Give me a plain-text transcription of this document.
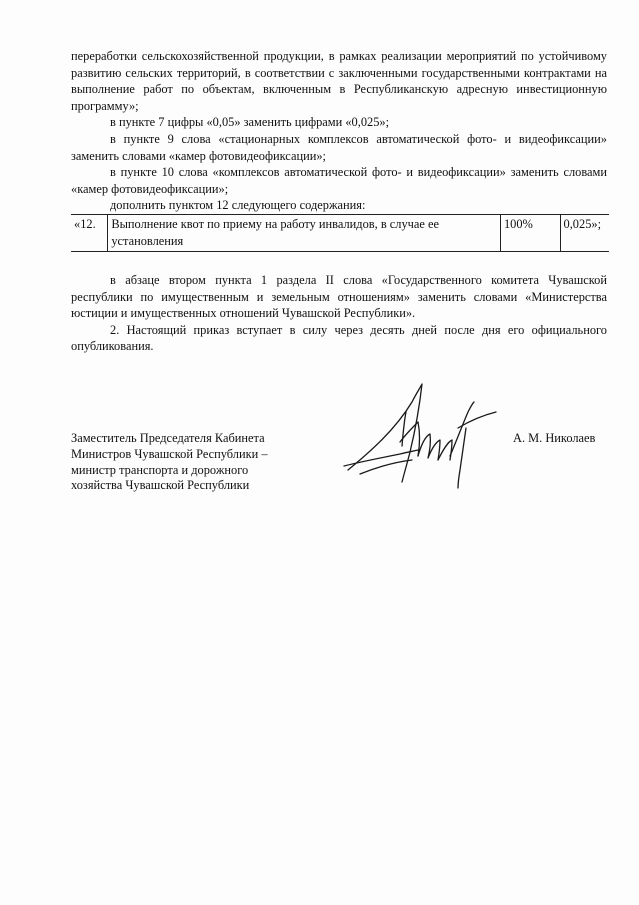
переработки сельскохозяйственной продукции, в рамках реализации мероприятий по устойчивому развитию сельских территорий, в соответствии с заключенными государственными контрактами на выполнение работ по объектам, включенным в Республиканскую адресную инвестиционную программу»;

в пункте 7 цифры «0,05» заменить цифрами «0,025»;

в пункте 9 слова «стационарных комплексов автоматической фото- и видеофиксации» заменить словами «камер фотовидеофиксации»;

в пункте 10 слова «комплексов автоматической фото- и видеофиксации» заменить словами «камер фотовидеофиксации»;

дополнить пунктом 12 следующего содержания:

«12.	Выполнение квот по приему на работу инвалидов, в случае ее установления	100%	0,025»;

в абзаце втором пункта 1 раздела II слова «Государственного комитета Чувашской республики по имущественным и земельным отношениям» заменить словами «Министерства юстиции и имущественных отношений Чувашской Республики».

2. Настоящий приказ вступает в силу через десять дней после дня его официального опубликования.

Заместитель Председателя Кабинета
Министров Чувашской Республики –
министр транспорта и дорожного
хозяйства Чувашской Республики

А. М. Николаев
